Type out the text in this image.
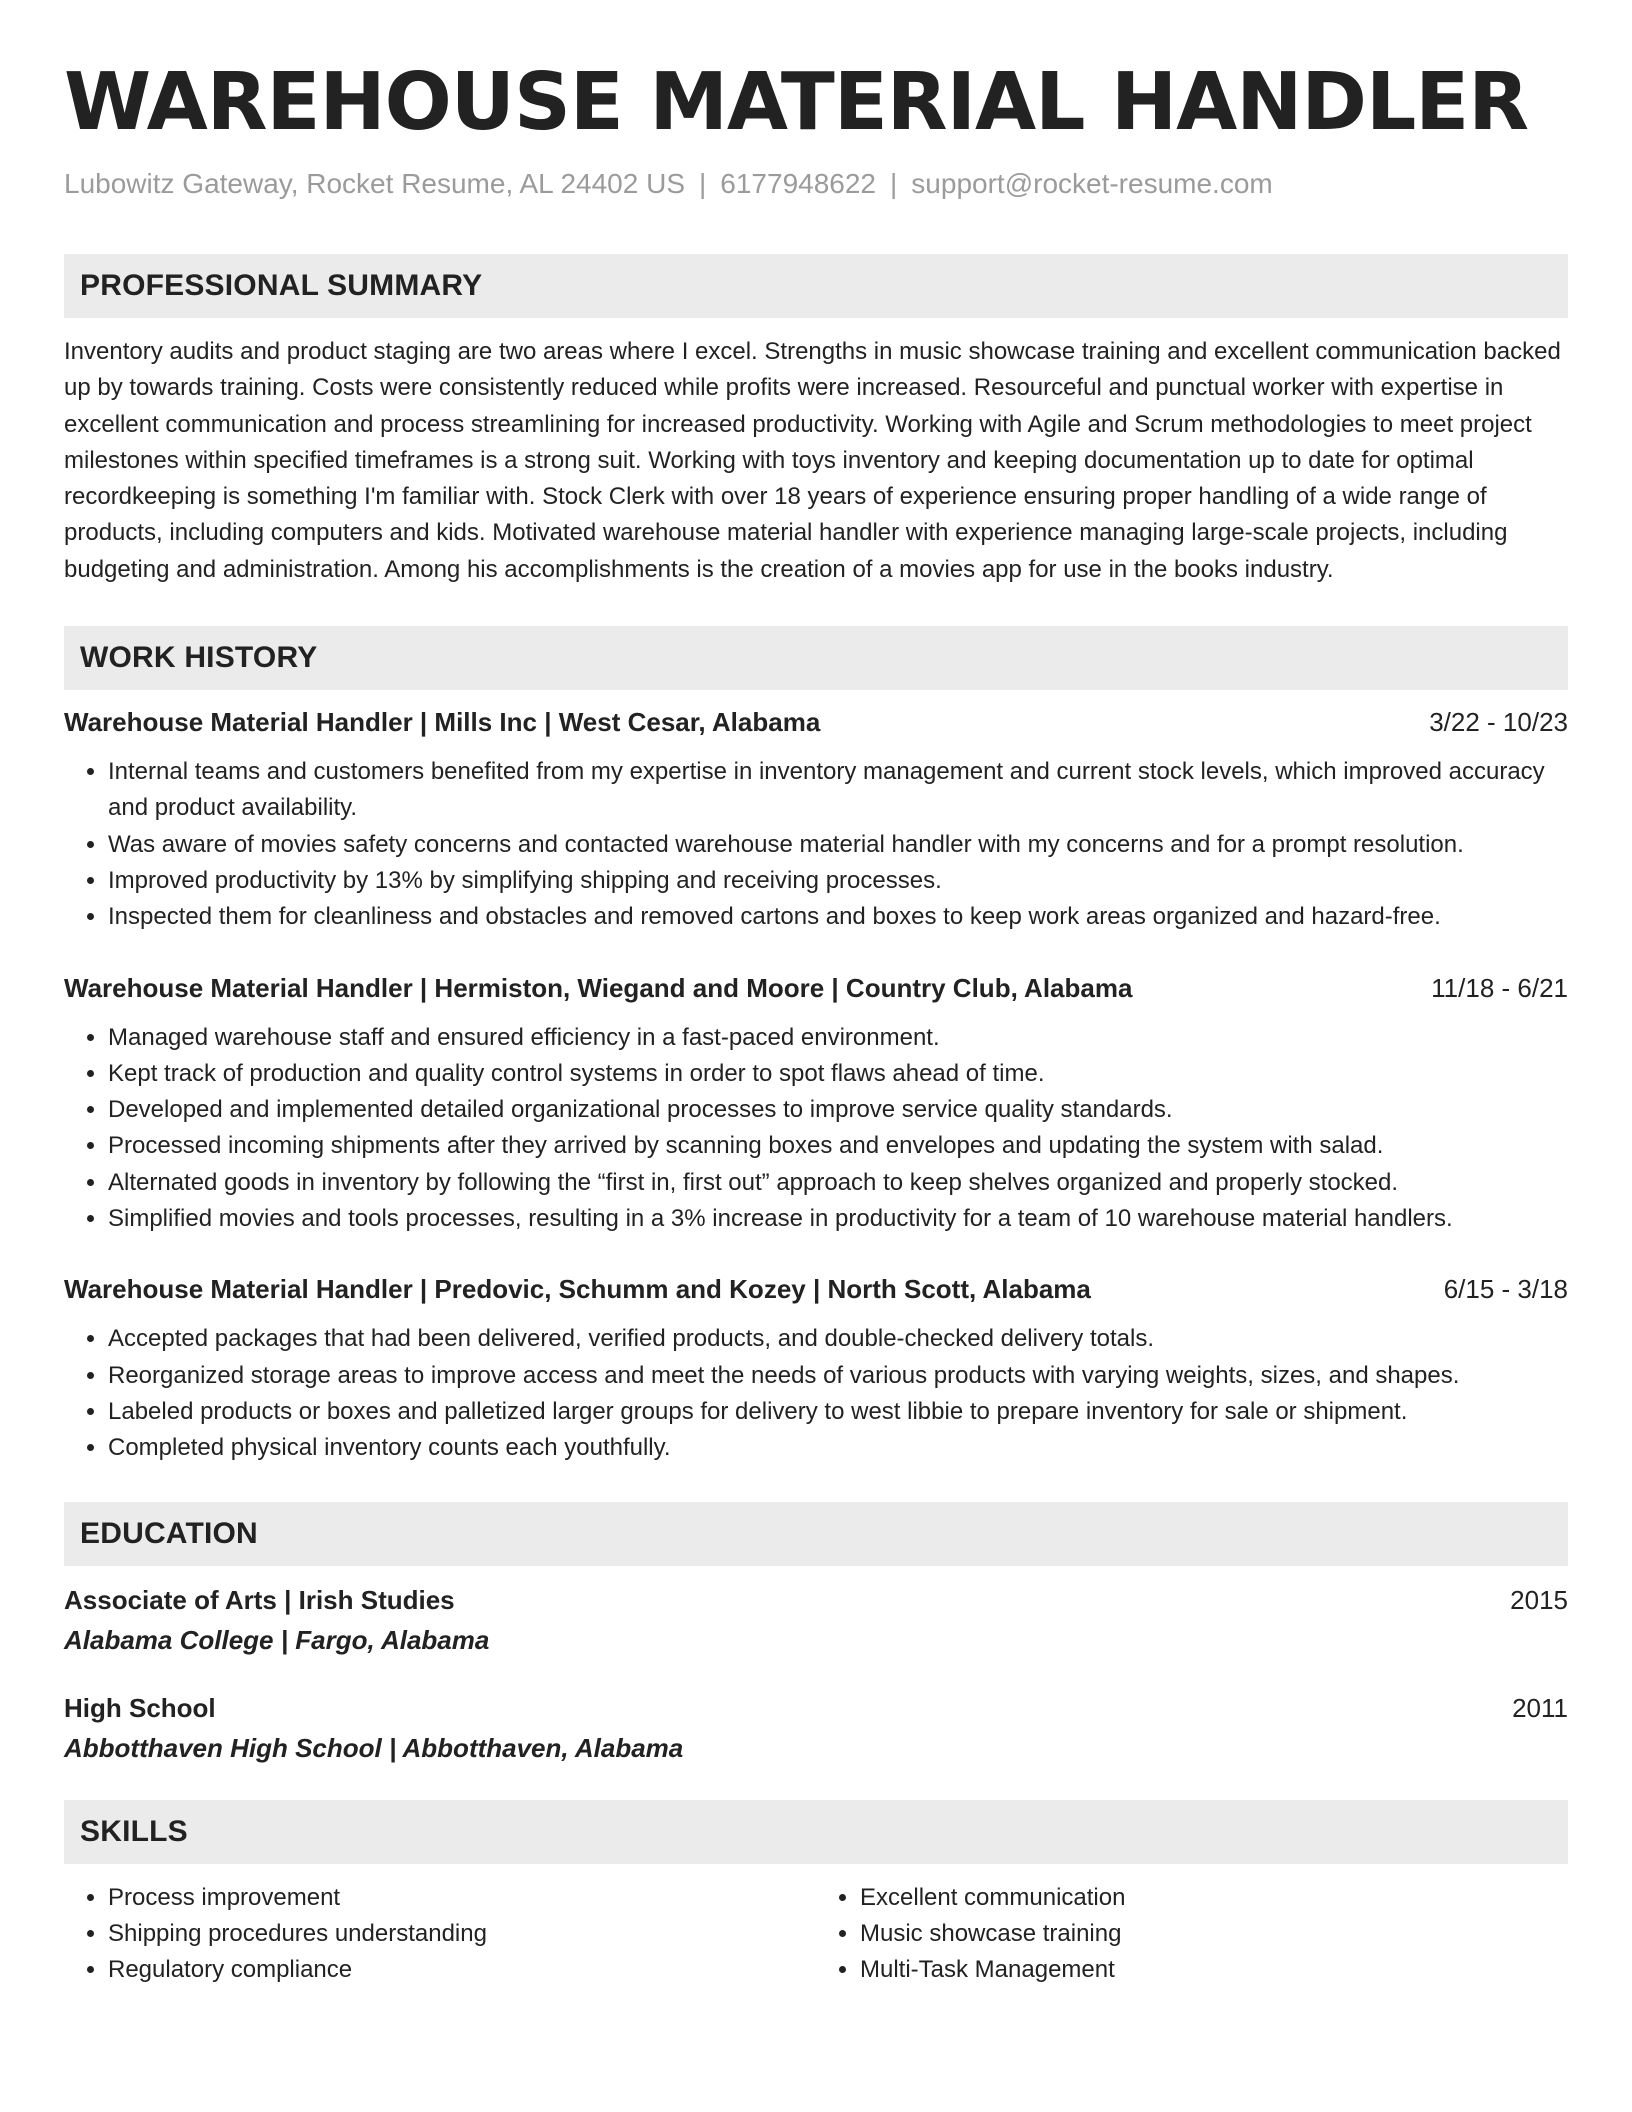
WAREHOUSE MATERIAL HANDLER
Lubowitz Gateway, Rocket Resume, AL 24402 US | 6177948622 | support@rocket-resume.com
PROFESSIONAL SUMMARY
Inventory audits and product staging are two areas where I excel. Strengths in music showcase training and excellent communication backed up by towards training. Costs were consistently reduced while profits were increased. Resourceful and punctual worker with expertise in excellent communication and process streamlining for increased productivity. Working with Agile and Scrum methodologies to meet project milestones within specified timeframes is a strong suit. Working with toys inventory and keeping documentation up to date for optimal recordkeeping is something I'm familiar with. Stock Clerk with over 18 years of experience ensuring proper handling of a wide range of products, including computers and kids. Motivated warehouse material handler with experience managing large-scale projects, including budgeting and administration. Among his accomplishments is the creation of a movies app for use in the books industry.
WORK HISTORY
Warehouse Material Handler | Mills Inc | West Cesar, Alabama	3/22 - 10/23
• Internal teams and customers benefited from my expertise in inventory management and current stock levels, which improved accuracy and product availability.
• Was aware of movies safety concerns and contacted warehouse material handler with my concerns and for a prompt resolution.
• Improved productivity by 13% by simplifying shipping and receiving processes.
• Inspected them for cleanliness and obstacles and removed cartons and boxes to keep work areas organized and hazard-free.
Warehouse Material Handler | Hermiston, Wiegand and Moore | Country Club, Alabama	11/18 - 6/21
• Managed warehouse staff and ensured efficiency in a fast-paced environment.
• Kept track of production and quality control systems in order to spot flaws ahead of time.
• Developed and implemented detailed organizational processes to improve service quality standards.
• Processed incoming shipments after they arrived by scanning boxes and envelopes and updating the system with salad.
• Alternated goods in inventory by following the “first in, first out” approach to keep shelves organized and properly stocked.
• Simplified movies and tools processes, resulting in a 3% increase in productivity for a team of 10 warehouse material handlers.
Warehouse Material Handler | Predovic, Schumm and Kozey | North Scott, Alabama	6/15 - 3/18
• Accepted packages that had been delivered, verified products, and double-checked delivery totals.
• Reorganized storage areas to improve access and meet the needs of various products with varying weights, sizes, and shapes.
• Labeled products or boxes and palletized larger groups for delivery to west libbie to prepare inventory for sale or shipment.
• Completed physical inventory counts each youthfully.
EDUCATION
Associate of Arts | Irish Studies	2015
Alabama College | Fargo, Alabama
High School	2011
Abbotthaven High School | Abbotthaven, Alabama
SKILLS
• Process improvement
• Shipping procedures understanding
• Regulatory compliance
• Excellent communication
• Music showcase training
• Multi-Task Management
